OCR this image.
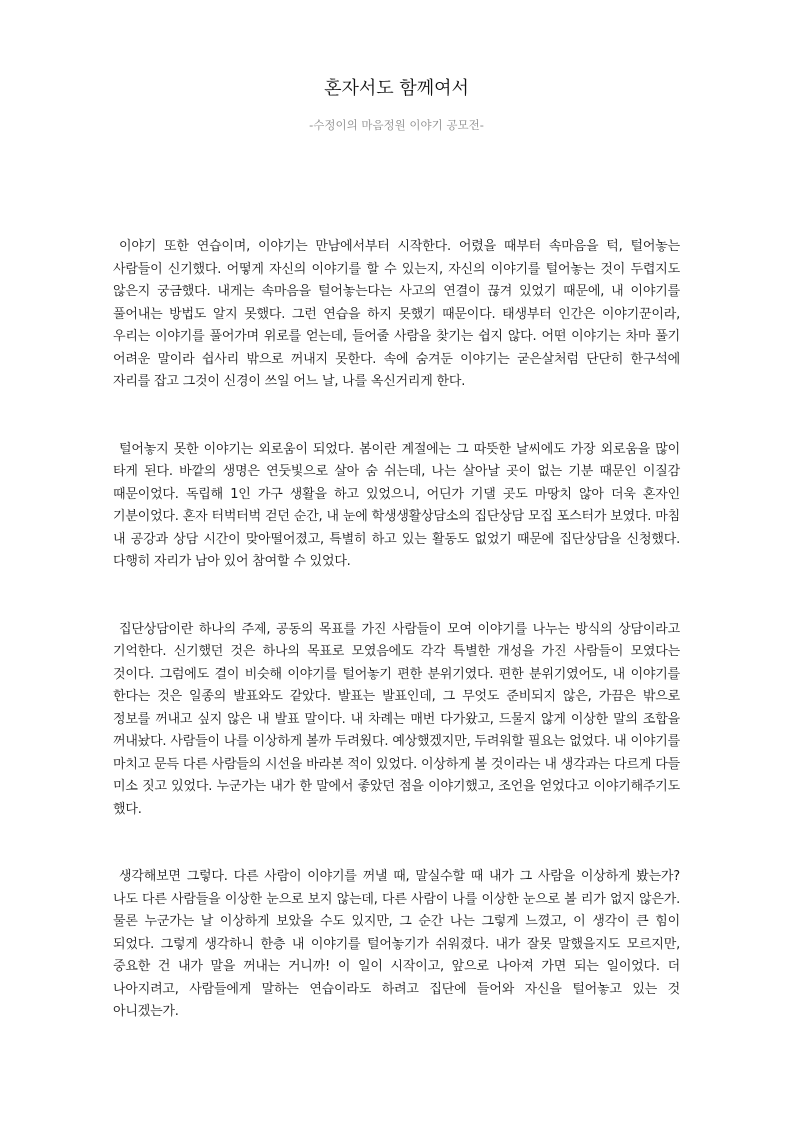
혼자서도 함께여서

-수정이의 마음정원 이야기 공모전-

이야기 또한 연습이며, 이야기는 만남에서부터 시작한다. 어렸을 때부터 속마음을 턱, 털어놓는 사람들이 신기했다. 어떻게 자신의 이야기를 할 수 있는지, 자신의 이야기를 털어놓는 것이 두렵지도 않은지 궁금했다. 내게는 속마음을 털어놓는다는 사고의 연결이 끊겨 있었기 때문에, 내 이야기를 풀어내는 방법도 알지 못했다. 그런 연습을 하지 못했기 때문이다. 태생부터 인간은 이야기꾼이라, 우리는 이야기를 풀어가며 위로를 얻는데, 들어줄 사람을 찾기는 쉽지 않다. 어떤 이야기는 차마 풀기 어려운 말이라 쉽사리 밖으로 꺼내지 못한다. 속에 숨겨둔 이야기는 굳은살처럼 단단히 한구석에 자리를 잡고 그것이 신경이 쓰일 어느 날, 나를 옥신거리게 한다.

털어놓지 못한 이야기는 외로움이 되었다. 봄이란 계절에는 그 따뜻한 날씨에도 가장 외로움을 많이 타게 된다. 바깥의 생명은 연둣빛으로 살아 숨 쉬는데, 나는 살아날 곳이 없는 기분 때문인 이질감 때문이었다. 독립해 1인 가구 생활을 하고 있었으니, 어딘가 기댈 곳도 마땅치 않아 더욱 혼자인 기분이었다. 혼자 터벅터벅 걷던 순간, 내 눈에 학생생활상담소의 집단상담 모집 포스터가 보였다. 마침 내 공강과 상담 시간이 맞아떨어졌고, 특별히 하고 있는 활동도 없었기 때문에 집단상담을 신청했다. 다행히 자리가 남아 있어 참여할 수 있었다.

집단상담이란 하나의 주제, 공동의 목표를 가진 사람들이 모여 이야기를 나누는 방식의 상담이라고 기억한다. 신기했던 것은 하나의 목표로 모였음에도 각각 특별한 개성을 가진 사람들이 모였다는 것이다. 그럼에도 결이 비슷해 이야기를 털어놓기 편한 분위기였다. 편한 분위기였어도, 내 이야기를 한다는 것은 일종의 발표와도 같았다. 발표는 발표인데, 그 무엇도 준비되지 않은, 가끔은 밖으로 정보를 꺼내고 싶지 않은 내 발표 말이다. 내 차례는 매번 다가왔고, 드물지 않게 이상한 말의 조합을 꺼내놨다. 사람들이 나를 이상하게 볼까 두려웠다. 예상했겠지만, 두려워할 필요는 없었다. 내 이야기를 마치고 문득 다른 사람들의 시선을 바라본 적이 있었다. 이상하게 볼 것이라는 내 생각과는 다르게 다들 미소 짓고 있었다. 누군가는 내가 한 말에서 좋았던 점을 이야기했고, 조언을 얻었다고 이야기해주기도 했다.

생각해보면 그렇다. 다른 사람이 이야기를 꺼낼 때, 말실수할 때 내가 그 사람을 이상하게 봤는가? 나도 다른 사람들을 이상한 눈으로 보지 않는데, 다른 사람이 나를 이상한 눈으로 볼 리가 없지 않은가. 물론 누군가는 날 이상하게 보았을 수도 있지만, 그 순간 나는 그렇게 느꼈고, 이 생각이 큰 힘이 되었다. 그렇게 생각하니 한층 내 이야기를 털어놓기가 쉬워졌다. 내가 잘못 말했을지도 모르지만, 중요한 건 내가 말을 꺼내는 거니까! 이 일이 시작이고, 앞으로 나아져 가면 되는 일이었다. 더 나아지려고, 사람들에게 말하는 연습이라도 하려고 집단에 들어와 자신을 털어놓고 있는 것 아니겠는가.
